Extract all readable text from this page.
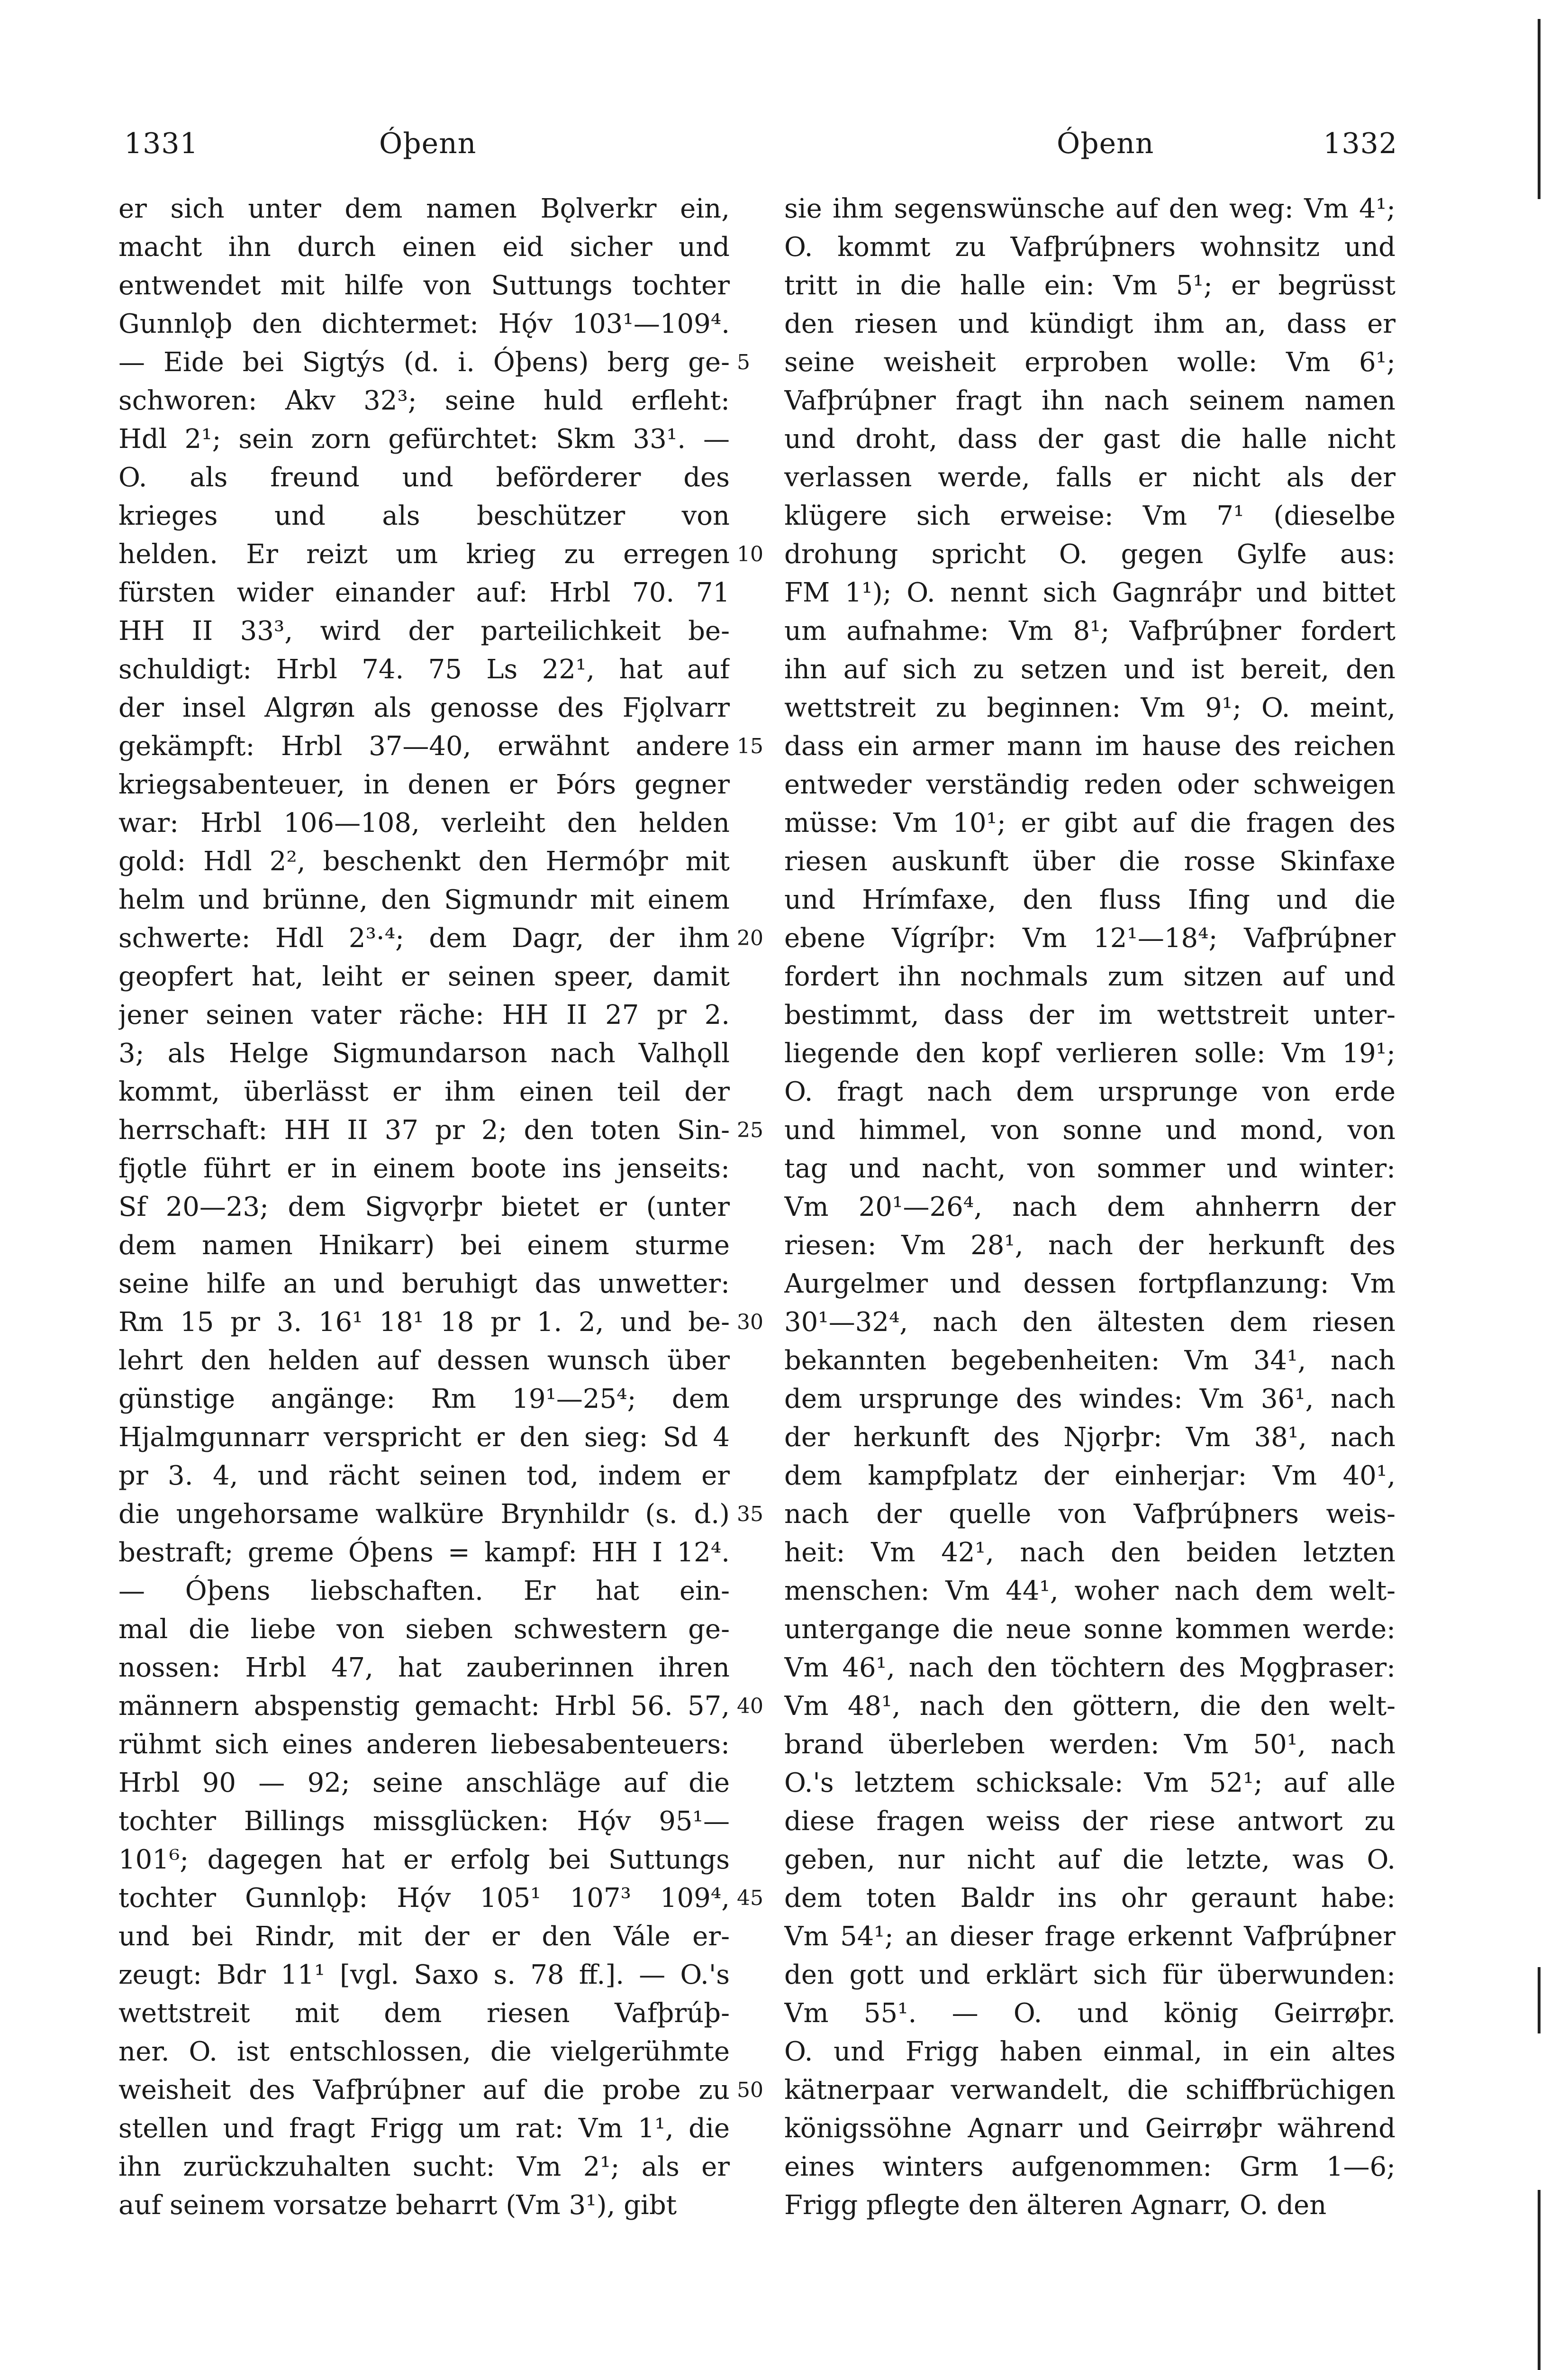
1331	Óþenn	Óþenn	1332
er sich unter dem namen Bǫlverkr ein,
macht ihn durch einen eid sicher und
entwendet mit hilfe von Suttungs tochter
Gunnlǫþ den dichtermet: Hǫ́v 103¹—109⁴.
— Eide bei Sigtýs (d. i. Óþens) berg ge-
schworen: Akv 32³; seine huld erfleht:
Hdl 2¹; sein zorn gefürchtet: Skm 33¹. —
O. als freund und beförderer des
krieges und als beschützer von
helden. Er reizt um krieg zu erregen
fürsten wider einander auf: Hrbl 70. 71
HH II 33³, wird der parteilichkeit be-
schuldigt: Hrbl 74. 75 Ls 22¹, hat auf
der insel Algrøn als genosse des Fjǫlvarr
gekämpft: Hrbl 37—40, erwähnt andere
kriegsabenteuer, in denen er Þórs gegner
war: Hrbl 106—108, verleiht den helden
gold: Hdl 2², beschenkt den Hermóþr mit
helm und brünne, den Sigmundr mit einem
schwerte: Hdl 2³·⁴; dem Dagr, der ihm
geopfert hat, leiht er seinen speer, damit
jener seinen vater räche: HH II 27 pr 2.
3; als Helge Sigmundarson nach Valhǫll
kommt, überlässt er ihm einen teil der
herrschaft: HH II 37 pr 2; den toten Sin-
fjǫtle führt er in einem boote ins jenseits:
Sf 20—23; dem Sigvǫrþr bietet er (unter
dem namen Hnikarr) bei einem sturme
seine hilfe an und beruhigt das unwetter:
Rm 15 pr 3. 16¹ 18¹ 18 pr 1. 2, und be-
lehrt den helden auf dessen wunsch über
günstige angänge: Rm 19¹—25⁴; dem
Hjalmgunnarr verspricht er den sieg: Sd 4
pr 3. 4, und rächt seinen tod, indem er
die ungehorsame walküre Brynhildr (s. d.)
bestraft; greme Óþens = kampf: HH I 12⁴.
— Óþens liebschaften. Er hat ein-
mal die liebe von sieben schwestern ge-
nossen: Hrbl 47, hat zauberinnen ihren
männern abspenstig gemacht: Hrbl 56. 57,
rühmt sich eines anderen liebesabenteuers:
Hrbl 90 — 92; seine anschläge auf die
tochter Billings missglücken: Hǫ́v 95¹—
101⁶; dagegen hat er erfolg bei Suttungs
tochter Gunnlǫþ: Hǫ́v 105¹ 107³ 109⁴,
und bei Rindr, mit der er den Vále er-
zeugt: Bdr 11¹ [vgl. Saxo s. 78 ff.]. — O.'s
wettstreit mit dem riesen Vafþrúþ-
ner. O. ist entschlossen, die vielgerühmte
weisheit des Vafþrúþner auf die probe zu
stellen und fragt Frigg um rat: Vm 1¹, die
ihn zurückzuhalten sucht: Vm 2¹; als er
auf seinem vorsatze beharrt (Vm 3¹), gibt
5
10
15
20
25
30
35
40
45
50
sie ihm segenswünsche auf den weg: Vm 4¹;
O. kommt zu Vafþrúþners wohnsitz und
tritt in die halle ein: Vm 5¹; er begrüsst
den riesen und kündigt ihm an, dass er
seine weisheit erproben wolle: Vm 6¹;
Vafþrúþner fragt ihn nach seinem namen
und droht, dass der gast die halle nicht
verlassen werde, falls er nicht als der
klügere sich erweise: Vm 7¹ (dieselbe
drohung spricht O. gegen Gylfe aus:
FM 1¹); O. nennt sich Gagnráþr und bittet
um aufnahme: Vm 8¹; Vafþrúþner fordert
ihn auf sich zu setzen und ist bereit, den
wettstreit zu beginnen: Vm 9¹; O. meint,
dass ein armer mann im hause des reichen
entweder verständig reden oder schweigen
müsse: Vm 10¹; er gibt auf die fragen des
riesen auskunft über die rosse Skinfaxe
und Hrímfaxe, den fluss Ifing und die
ebene Vígríþr: Vm 12¹—18⁴; Vafþrúþner
fordert ihn nochmals zum sitzen auf und
bestimmt, dass der im wettstreit unter-
liegende den kopf verlieren solle: Vm 19¹;
O. fragt nach dem ursprunge von erde
und himmel, von sonne und mond, von
tag und nacht, von sommer und winter:
Vm 20¹—26⁴, nach dem ahnherrn der
riesen: Vm 28¹, nach der herkunft des
Aurgelmer und dessen fortpflanzung: Vm
30¹—32⁴, nach den ältesten dem riesen
bekannten begebenheiten: Vm 34¹, nach
dem ursprunge des windes: Vm 36¹, nach
der herkunft des Njǫrþr: Vm 38¹, nach
dem kampfplatz der einherjar: Vm 40¹,
nach der quelle von Vafþrúþners weis-
heit: Vm 42¹, nach den beiden letzten
menschen: Vm 44¹, woher nach dem welt-
untergange die neue sonne kommen werde:
Vm 46¹, nach den töchtern des Mǫgþraser:
Vm 48¹, nach den göttern, die den welt-
brand überleben werden: Vm 50¹, nach
O.'s letztem schicksale: Vm 52¹; auf alle
diese fragen weiss der riese antwort zu
geben, nur nicht auf die letzte, was O.
dem toten Baldr ins ohr geraunt habe:
Vm 54¹; an dieser frage erkennt Vafþrúþner
den gott und erklärt sich für überwunden:
Vm 55¹. — O. und könig Geirrøþr.
O. und Frigg haben einmal, in ein altes
kätnerpaar verwandelt, die schiffbrüchigen
königssöhne Agnarr und Geirrøþr während
eines winters aufgenommen: Grm 1—6;
Frigg pflegte den älteren Agnarr, O. den
